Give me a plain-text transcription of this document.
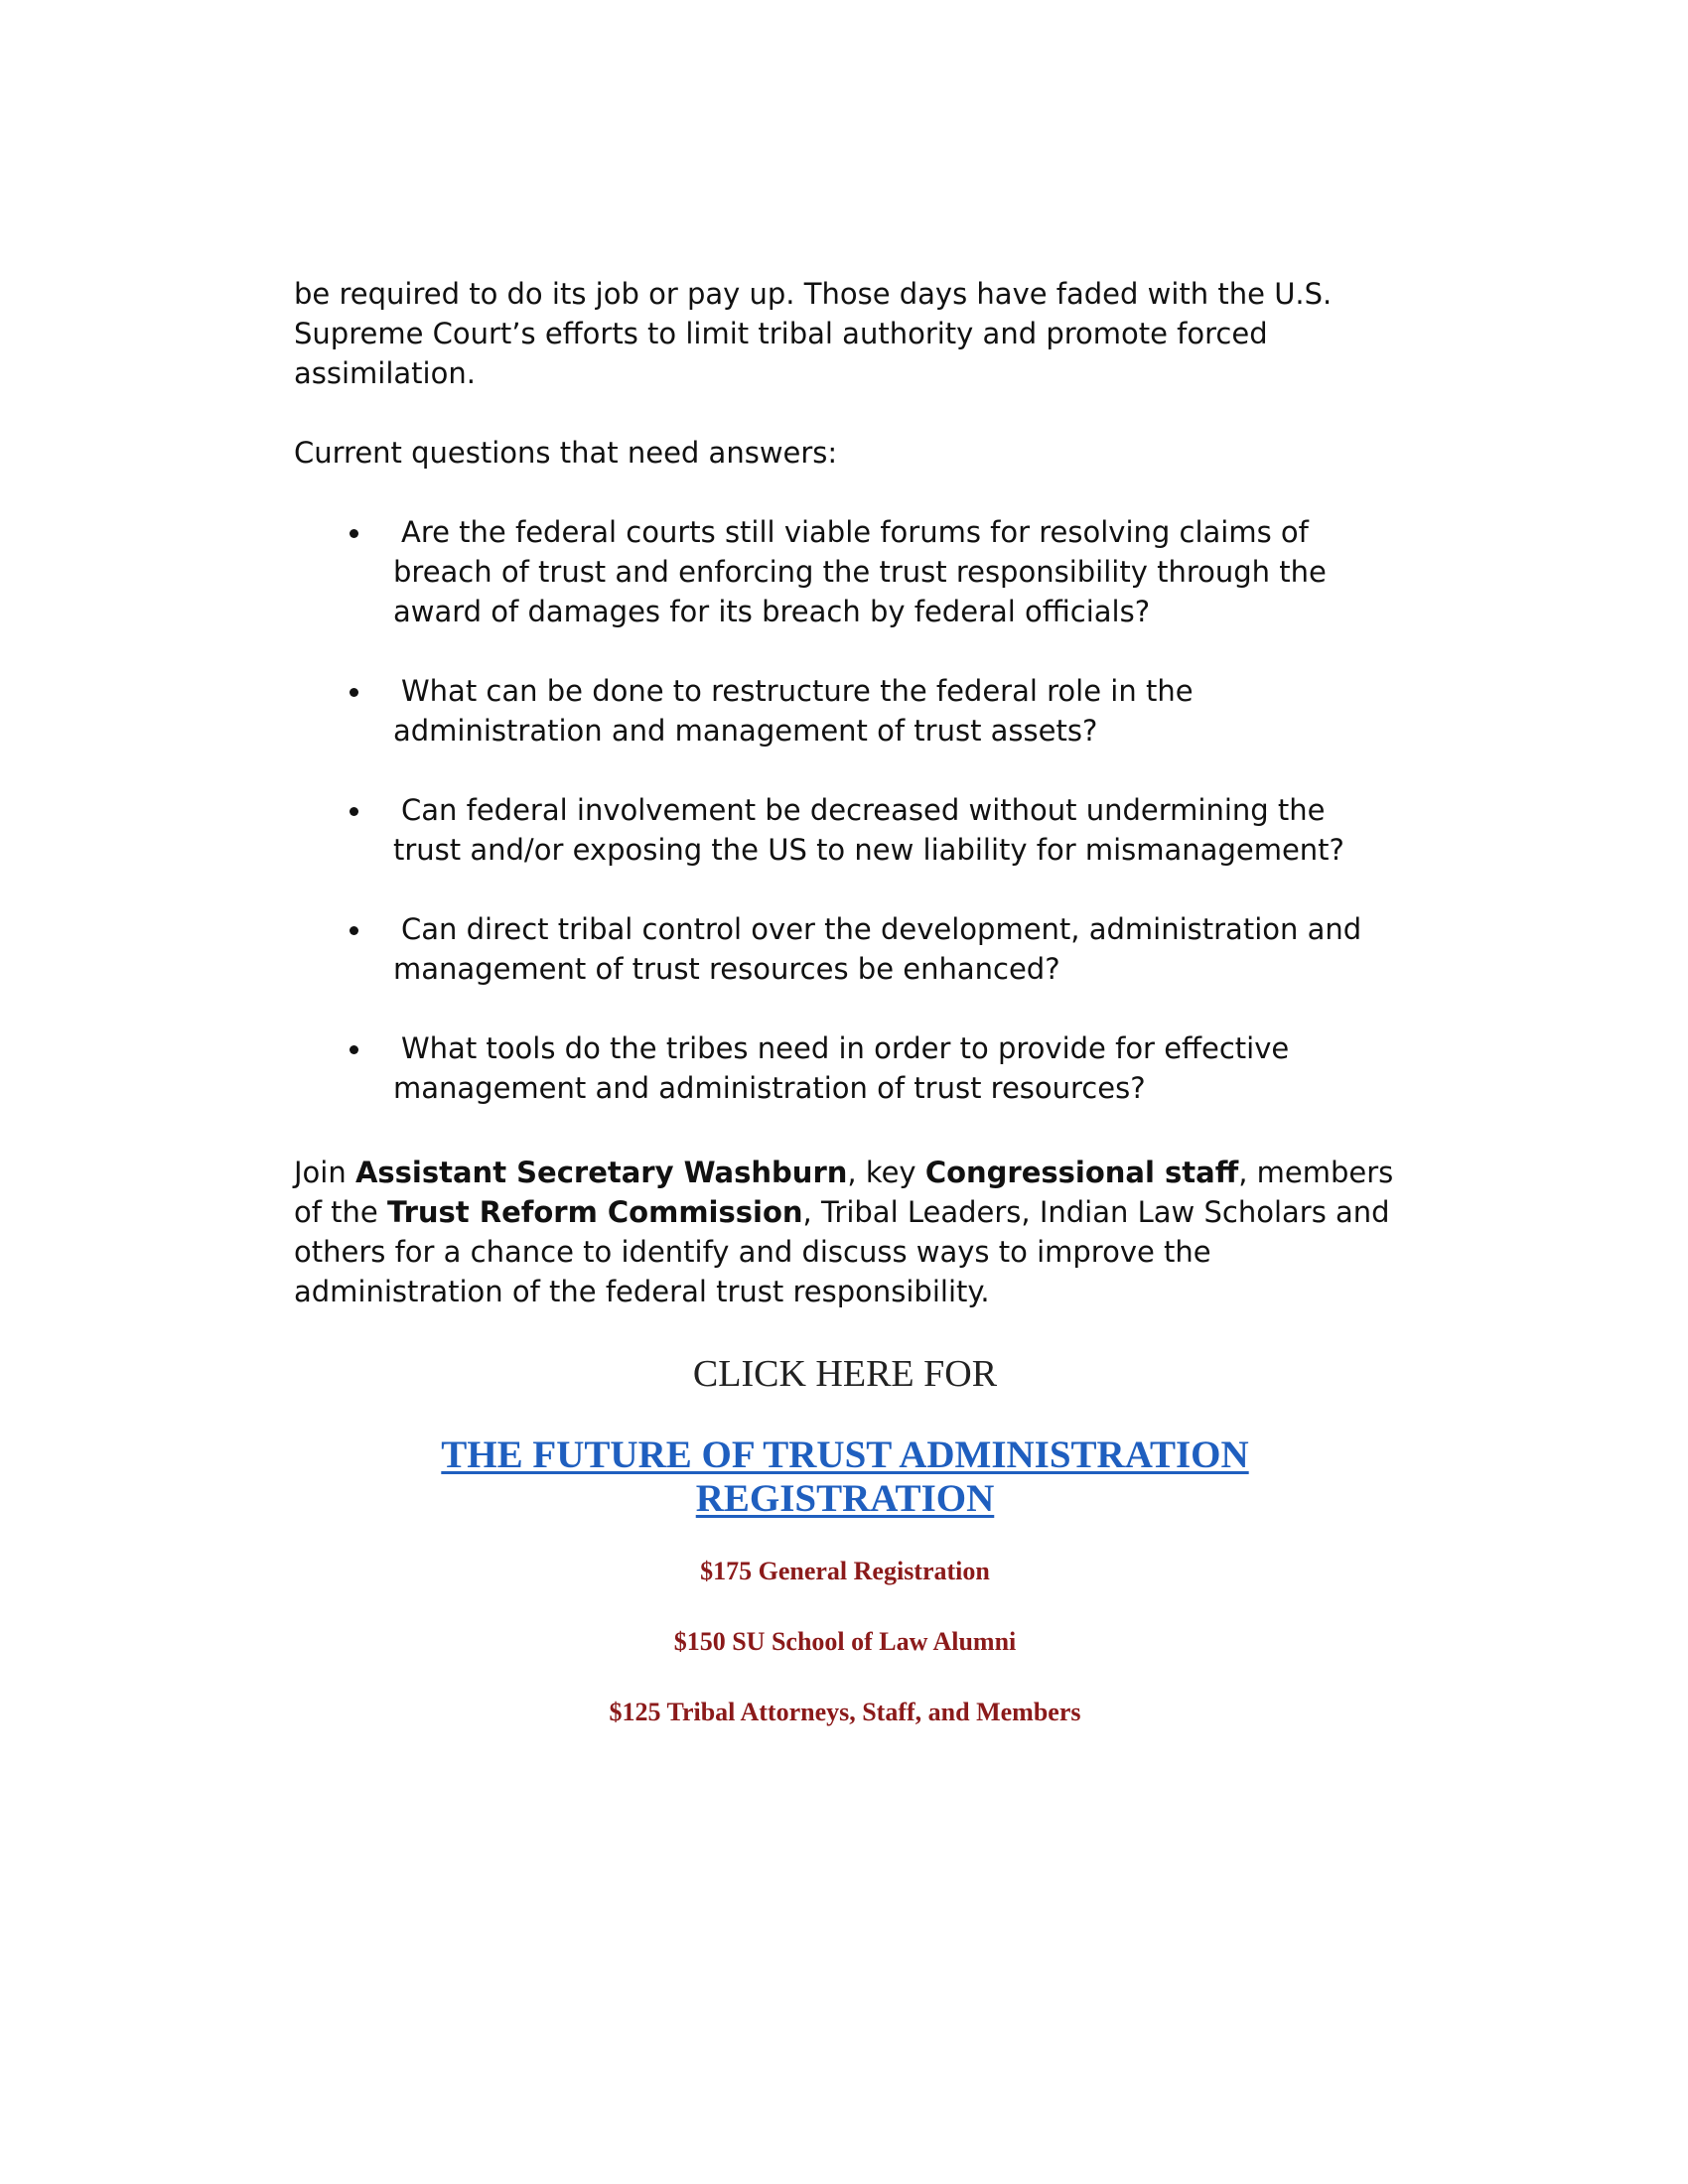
be required to do its job or pay up. Those days have faded with the U.S. Supreme Court’s efforts to limit tribal authority and promote forced assimilation.

Current questions that need answers:

Are the federal courts still viable forums for resolving claims of breach of trust and enforcing the trust responsibility through the award of damages for its breach by federal officials?
What can be done to restructure the federal role in the administration and management of trust assets?
Can federal involvement be decreased without undermining the trust and/or exposing the US to new liability for mismanagement?
Can direct tribal control over the development, administration and management of trust resources be enhanced?
What tools do the tribes need in order to provide for effective management and administration of trust resources?

Join Assistant Secretary Washburn, key Congressional staff, members of the Trust Reform Commission, Tribal Leaders, Indian Law Scholars and others for a chance to identify and discuss ways to improve the administration of the federal trust responsibility.

CLICK HERE FOR
THE FUTURE OF TRUST ADMINISTRATION
REGISTRATION
$175 General Registration
$150 SU School of Law Alumni
$125 Tribal Attorneys, Staff, and Members
